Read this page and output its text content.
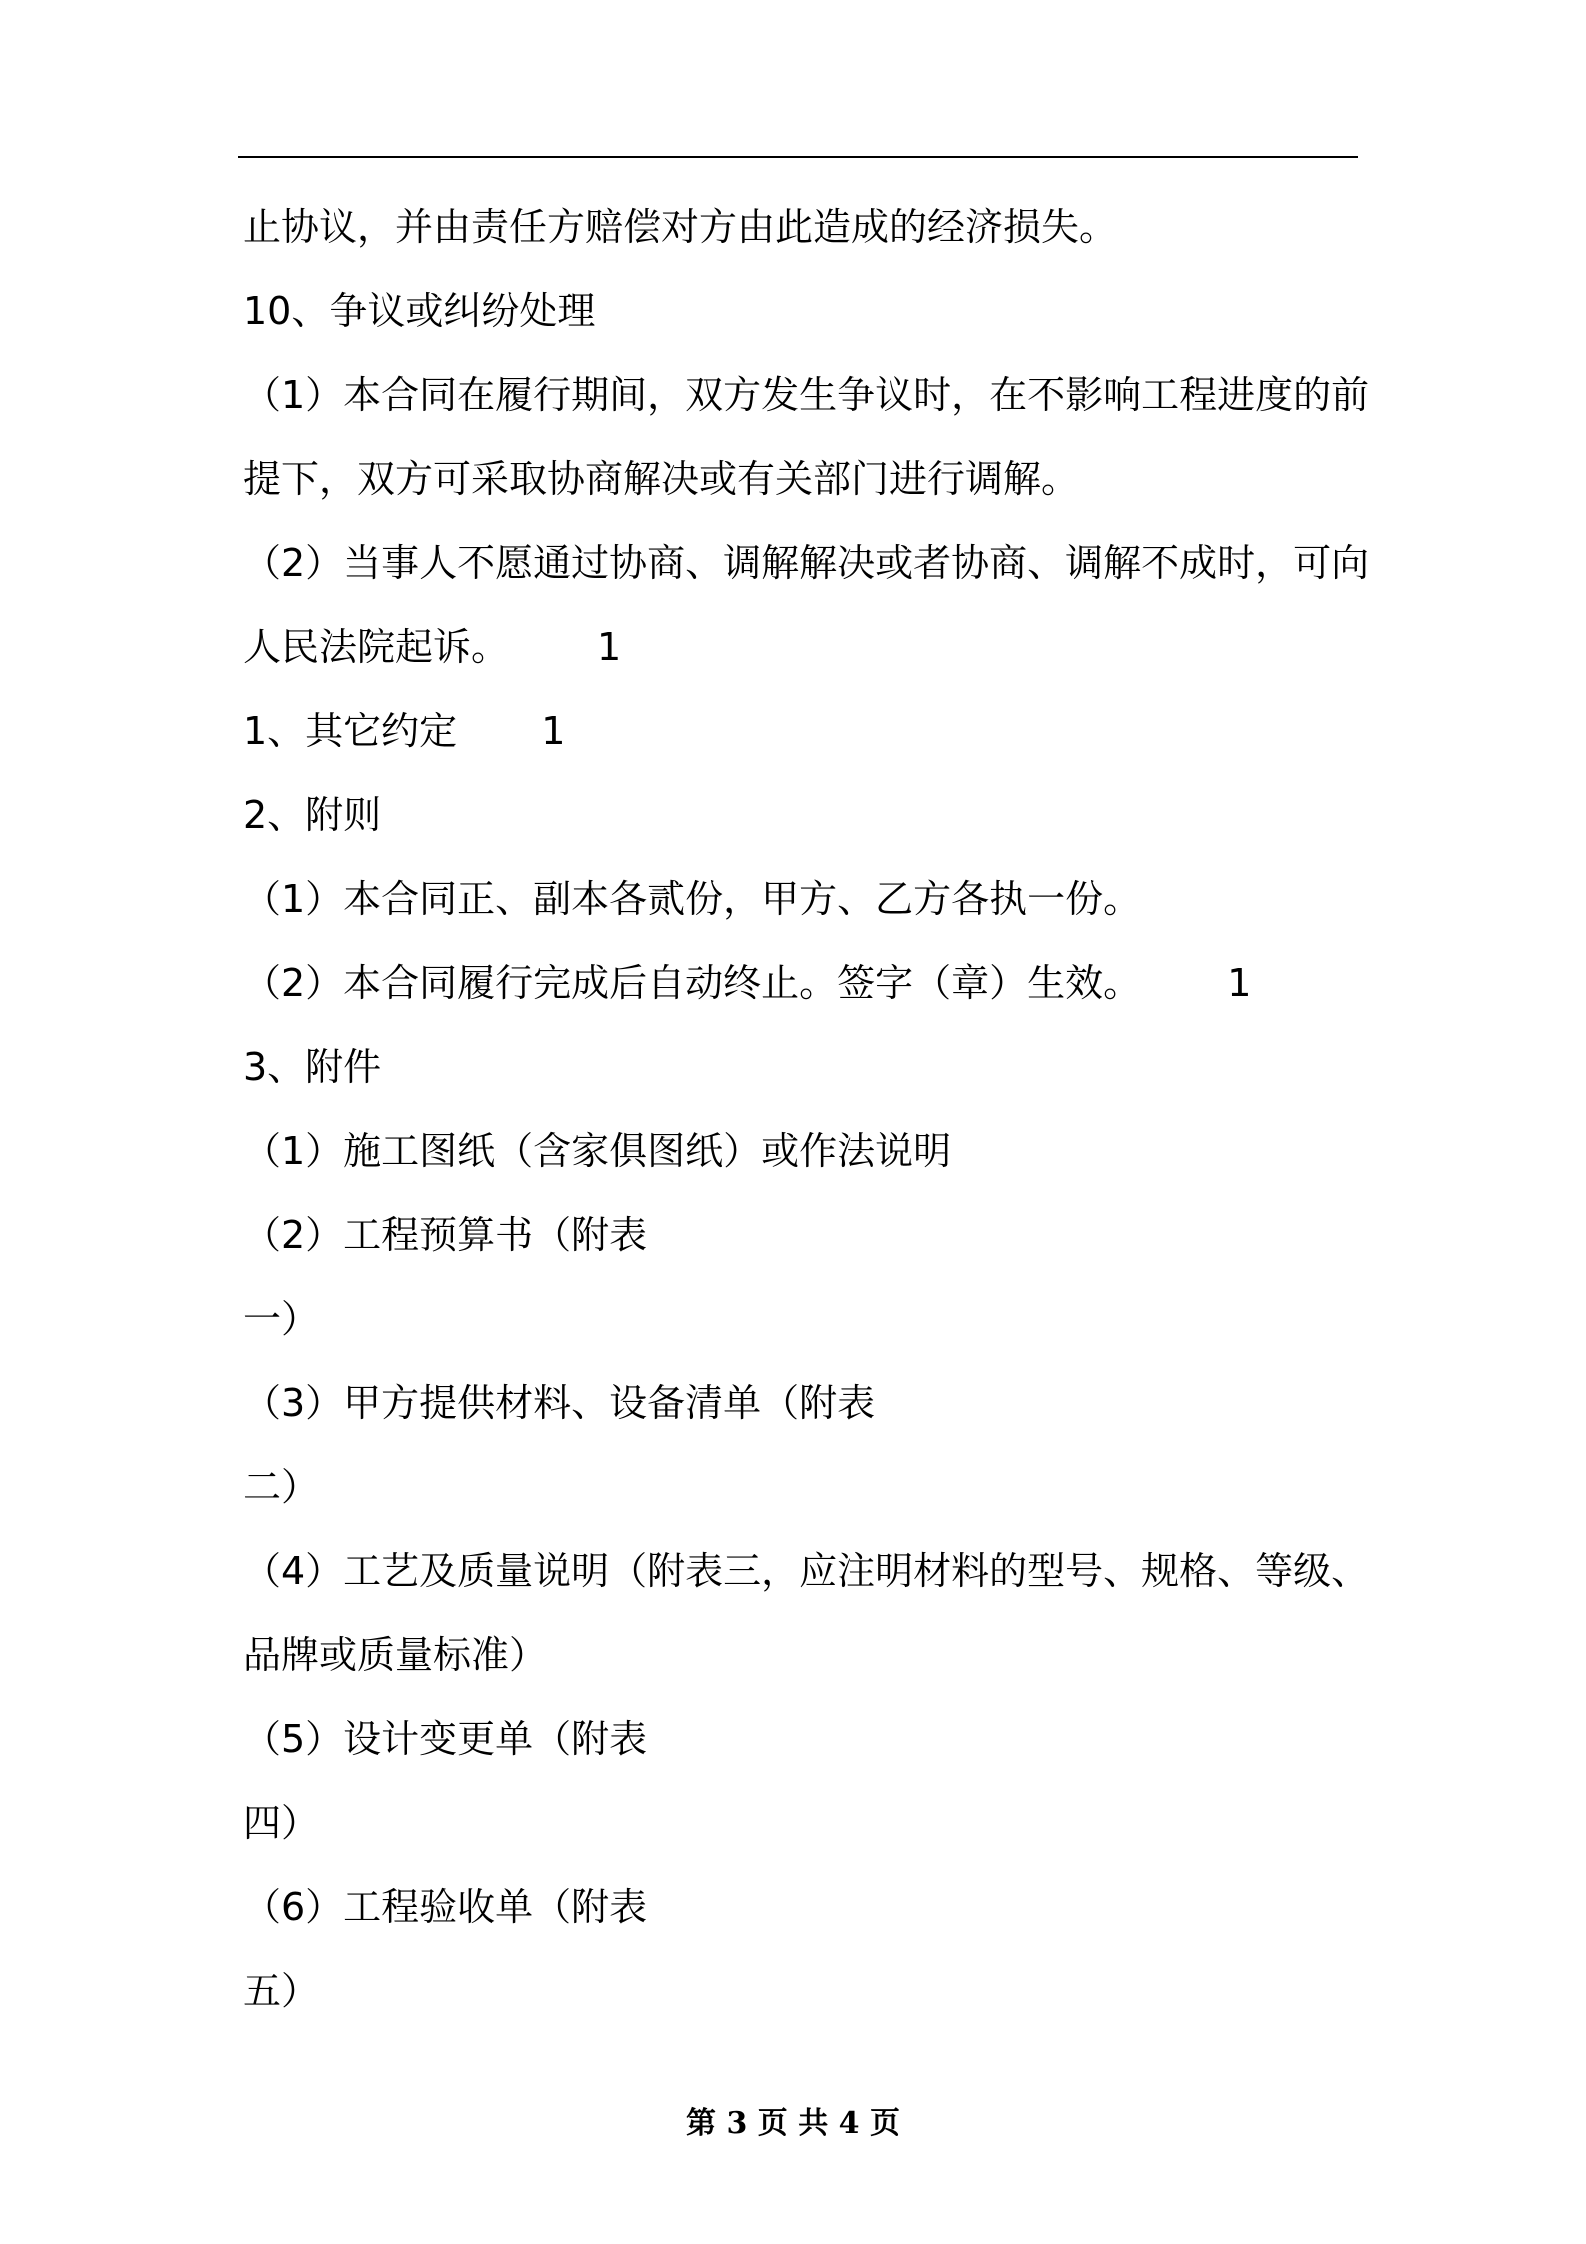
止协议，并由责任方赔偿对方由此造成的经济损失。
10、争议或纠纷处理
（1）本合同在履行期间，双方发生争议时，在不影响工程进度的前
提下，双方可采取协商解决或有关部门进行调解。
（2）当事人不愿通过协商、调解解决或者协商、调解不成时，可向
人民法院起诉。 1
1、其它约定 1
2、附则
（1）本合同正、副本各贰份，甲方、乙方各执一份。
（2）本合同履行完成后自动终止。签字（章）生效。 1
3、附件
（1）施工图纸（含家俱图纸）或作法说明
（2）工程预算书（附表
一）
（3）甲方提供材料、设备清单（附表
二）
（4）工艺及质量说明（附表三，应注明材料的型号、规格、等级、
品牌或质量标准）
（5）设计变更单（附表
四）
（6）工程验收单（附表
五）
第 3 页 共 4 页
